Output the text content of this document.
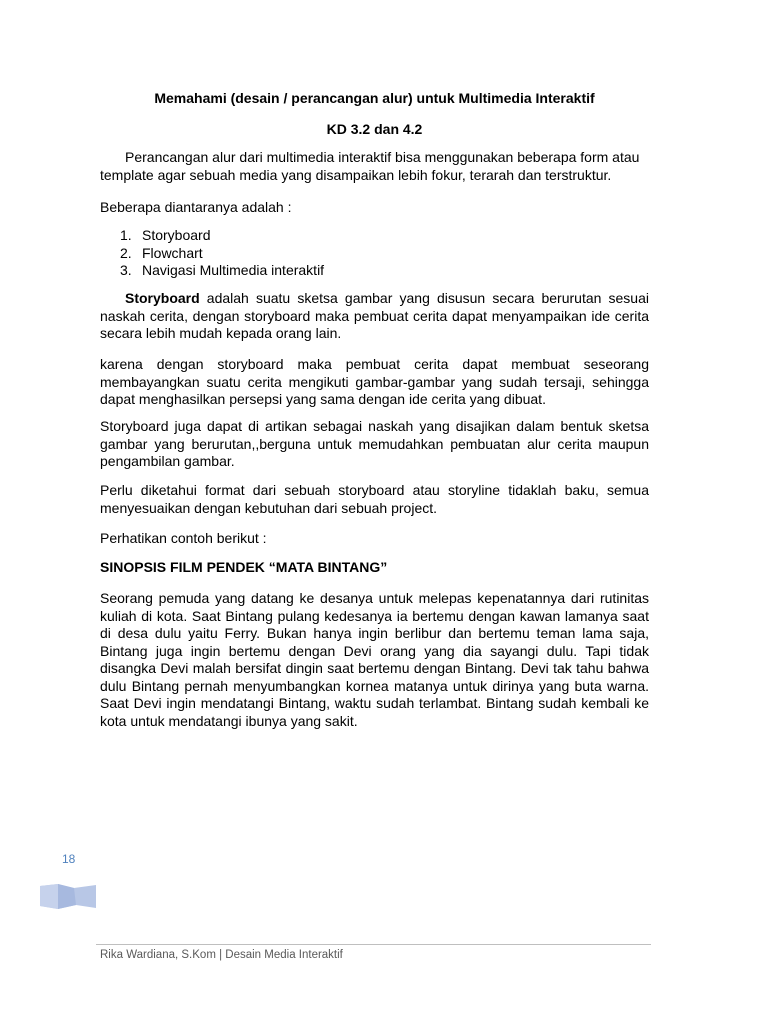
Memahami (desain / perancangan alur) untuk Multimedia Interaktif
KD 3.2 dan 4.2

Perancangan alur dari multimedia interaktif bisa menggunakan beberapa form atau template agar sebuah media yang disampaikan lebih fokur, terarah dan terstruktur.

Beberapa diantaranya adalah :

1. Storyboard
2. Flowchart
3. Navigasi Multimedia interaktif

Storyboard adalah suatu sketsa gambar yang disusun secara berurutan sesuai naskah cerita, dengan storyboard maka pembuat cerita dapat menyampaikan ide cerita secara lebih mudah kepada orang lain.

karena dengan storyboard maka pembuat cerita dapat membuat seseorang membayangkan suatu cerita mengikuti gambar-gambar yang sudah tersaji, sehingga dapat menghasilkan persepsi yang sama dengan ide cerita yang dibuat.

Storyboard juga dapat di artikan sebagai naskah yang disajikan dalam bentuk sketsa gambar yang berurutan,,berguna untuk memudahkan pembuatan alur cerita maupun pengambilan gambar.

Perlu diketahui format dari sebuah storyboard atau storyline tidaklah baku, semua menyesuaikan dengan kebutuhan dari sebuah project.

Perhatikan contoh berikut :

SINOPSIS FILM PENDEK “MATA BINTANG”

Seorang pemuda yang datang ke desanya untuk melepas kepenatannya dari rutinitas kuliah di kota. Saat Bintang pulang kedesanya ia bertemu dengan kawan lamanya saat di desa dulu yaitu Ferry. Bukan hanya ingin berlibur dan bertemu teman lama saja, Bintang juga ingin bertemu dengan Devi orang yang dia sayangi dulu. Tapi tidak disangka Devi malah bersifat dingin saat bertemu dengan Bintang. Devi tak tahu bahwa dulu Bintang pernah menyumbangkan kornea matanya untuk dirinya yang buta warna. Saat Devi ingin mendatangi Bintang, waktu sudah terlambat. Bintang sudah kembali ke kota untuk mendatangi ibunya yang sakit.

18
Rika Wardiana, S.Kom | Desain Media Interaktif
